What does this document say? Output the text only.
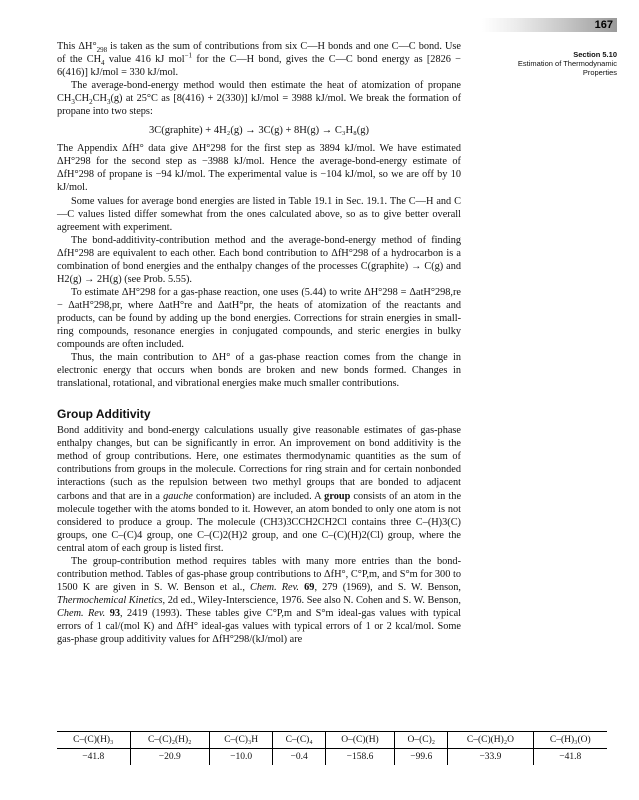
167
Section 5.10
Estimation of Thermodynamic
Properties

This $\Delta H^\circ_{298}$ is taken as the sum of contributions from six C—H bonds and one C—C bond. Use of the $CH_4$ value 416 kJ mol$^{-1}$ for the C—H bond, gives the C—C bond energy as [2826 − 6(416)] kJ/mol = 330 kJ/mol.

The average-bond-energy method would then estimate the heat of atomization of propane $CH_3CH_2CH_3(g)$ at 25°C as [8(416) + 2(330)] kJ/mol = 3988 kJ/mol. We break the formation of propane into two steps:

3C(graphite) + 4H₂(g) → 3C(g) + 8H(g) → C₃H₈(g)

The Appendix ΔfH° data give ΔH°298 for the first step as 3894 kJ/mol. We have estimated ΔH°298 for the second step as −3988 kJ/mol. Hence the average-bond-energy estimate of ΔfH°298 of propane is −94 kJ/mol. The experimental value is −104 kJ/mol, so we are off by 10 kJ/mol.

Some values for average bond energies are listed in Table 19.1 in Sec. 19.1. The C—H and C—C values listed differ somewhat from the ones calculated above, so as to give better overall agreement with experiment.

The bond-additivity-contribution method and the average-bond-energy method of finding ΔfH°298 are equivalent to each other. Each bond contribution to ΔfH°298 of a hydrocarbon is a combination of bond energies and the enthalpy changes of the processes C(graphite) → C(g) and H2(g) → 2H(g) (see Prob. 5.55).

To estimate ΔH°298 for a gas-phase reaction, one uses (5.44) to write ΔH°298 = ΔatH°298,re − ΔatH°298,pr, where ΔatH°re and ΔatH°pr, the heats of atomization of the reactants and products, can be found by adding up the bond energies. Corrections for strain energies in small-ring compounds, resonance energies in conjugated compounds, and steric energies in bulky compounds are often included.

Thus, the main contribution to ΔH° of a gas-phase reaction comes from the change in electronic energy that occurs when bonds are broken and new bonds formed. Changes in translational, rotational, and vibrational energies make much smaller contributions.

Group Additivity

Bond additivity and bond-energy calculations usually give reasonable estimates of gas-phase enthalpy changes, but can be significantly in error. An improvement on bond additivity is the method of group contributions. Here, one estimates thermodynamic quantities as the sum of contributions from groups in the molecule. Corrections for ring strain and for certain nonbonded interactions (such as the repulsion between two methyl groups that are bonded to adjacent carbons and that are in a gauche conformation) are included. A group consists of an atom in the molecule together with the atoms bonded to it. However, an atom bonded to only one atom is not considered to produce a group. The molecule (CH3)3CCH2CH2Cl contains three C–(H)3(C) groups, one C–(C)4 group, one C–(C)2(H)2 group, and one C–(C)(H)2(Cl) group, where the central atom of each group is listed first.

The group-contribution method requires tables with many more entries than the bond-contribution method. Tables of gas-phase group contributions to ΔfH°, C°P,m, and S°m for 300 to 1500 K are given in S. W. Benson et al., Chem. Rev. 69, 279 (1969), and S. W. Benson, Thermochemical Kinetics, 2d ed., Wiley-Interscience, 1976. See also N. Cohen and S. W. Benson, Chem. Rev. 93, 2419 (1993). These tables give C°P,m and S°m ideal-gas values with typical errors of 1 cal/(mol K) and ΔfH° ideal-gas values with typical errors of 1 or 2 kcal/mol. Some gas-phase group additivity values for ΔfH°298/(kJ/mol) are

C–(C)(H)₃	C–(C)₂(H)₂	C–(C)₃H	C–(C)₄	O–(C)(H)	O–(C)₂	C–(C)(H)₂O	C–(H)₃(O)
−41.8	−20.9	−10.0	−0.4	−158.6	−99.6	−33.9	−41.8
